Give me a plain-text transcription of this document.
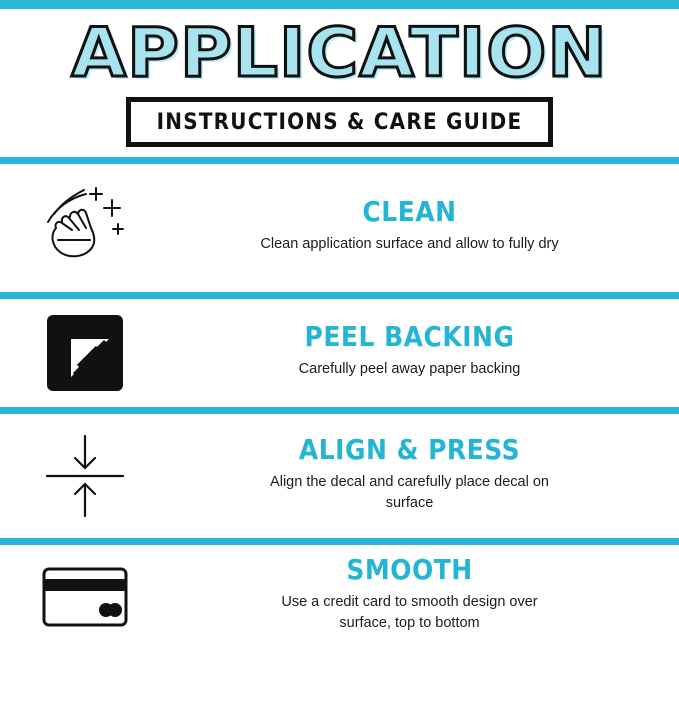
APPLICATION
INSTRUCTIONS & CARE GUIDE
CLEAN

Clean application surface and allow to fully dry

PEEL BACKING

Carefully peel away paper backing

ALIGN & PRESS

Align the decal and carefully place decal on surface

SMOOTH

Use a credit card to smooth design over surface, top to bottom
